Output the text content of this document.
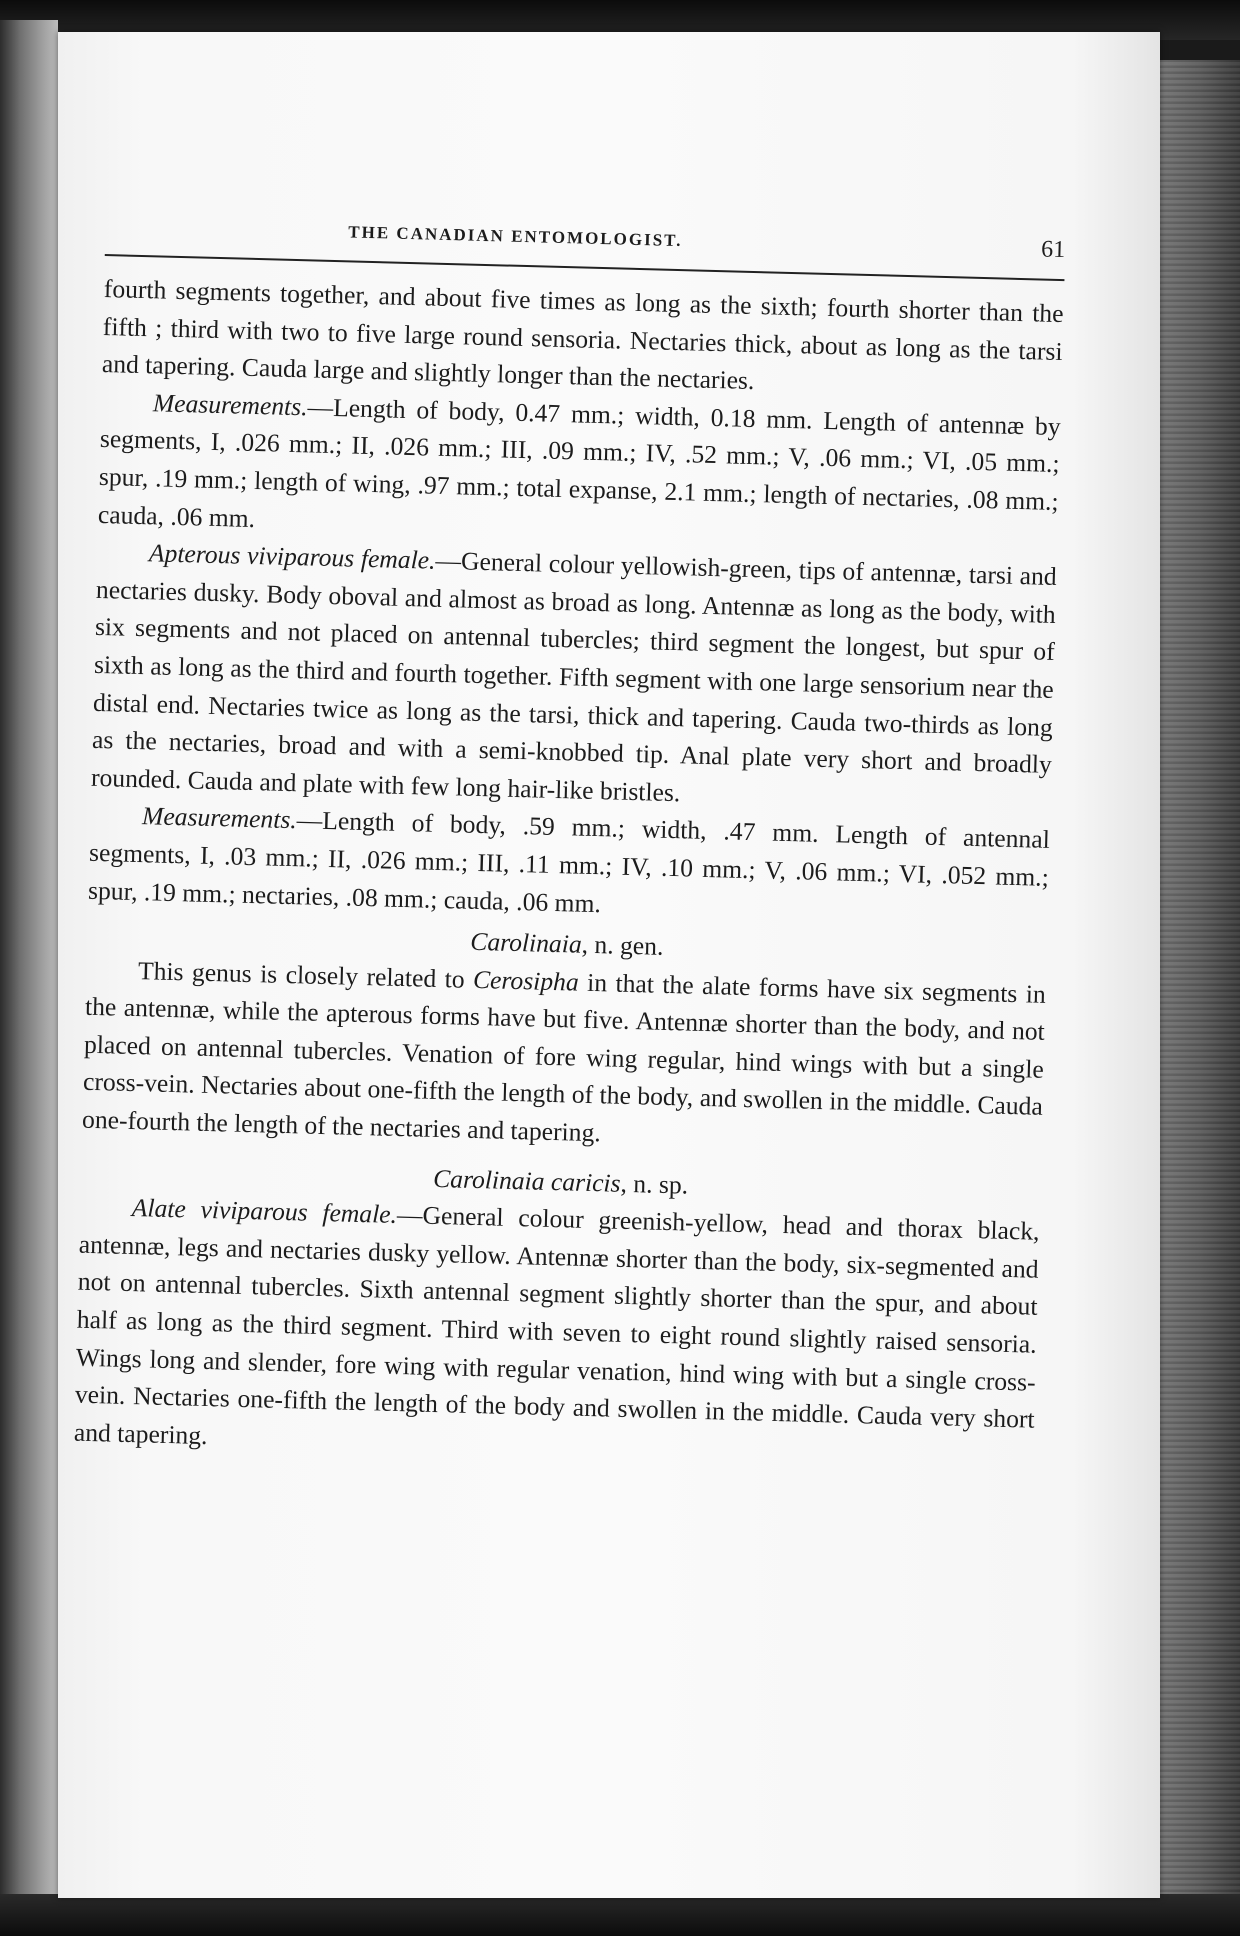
THE CANADIAN ENTOMOLOGIST.	61

fourth segments together, and about five times as long as the sixth; fourth shorter than the fifth ; third with two to five large round sensoria. Nectaries thick, about as long as the tarsi and tapering. Cauda large and slightly longer than the nectaries.

Measurements.—Length of body, 0.47 mm.; width, 0.18 mm. Length of antennæ by segments, I, .026 mm.; II, .026 mm.; III, .09 mm.; IV, .52 mm.; V, .06 mm.; VI, .05 mm.; spur, .19 mm.; length of wing, .97 mm.; total expanse, 2.1 mm.; length of nectaries, .08 mm.; cauda, .06 mm.

Apterous viviparous female.—General colour yellowish-green, tips of antennæ, tarsi and nectaries dusky. Body oboval and almost as broad as long. Antennæ as long as the body, with six segments and not placed on antennal tubercles; third segment the longest, but spur of sixth as long as the third and fourth together. Fifth segment with one large sensorium near the distal end. Nectaries twice as long as the tarsi, thick and tapering. Cauda two-thirds as long as the nectaries, broad and with a semi-knobbed tip. Anal plate very short and broadly rounded. Cauda and plate with few long hair-like bristles.

Measurements.—Length of body, .59 mm.; width, .47 mm. Length of antennal segments, I, .03 mm.; II, .026 mm.; III, .11 mm.; IV, .10 mm.; V, .06 mm.; VI, .052 mm.; spur, .19 mm.; nectaries, .08 mm.; cauda, .06 mm.

Carolinaia, n. gen.

This genus is closely related to Cerosipha in that the alate forms have six segments in the antennæ, while the apterous forms have but five. Antennæ shorter than the body, and not placed on antennal tubercles. Venation of fore wing regular, hind wings with but a single cross-vein. Nectaries about one-fifth the length of the body, and swollen in the middle. Cauda one-fourth the length of the nectaries and tapering.

Carolinaia caricis, n. sp.

Alate viviparous female.—General colour greenish-yellow, head and thorax black, antennæ, legs and nectaries dusky yellow. Antennæ shorter than the body, six-segmented and not on antennal tubercles. Sixth antennal segment slightly shorter than the spur, and about half as long as the third segment. Third with seven to eight round slightly raised sensoria. Wings long and slender, fore wing with regular venation, hind wing with but a single cross-vein. Nectaries one-fifth the length of the body and swollen in the middle. Cauda very short and tapering.
